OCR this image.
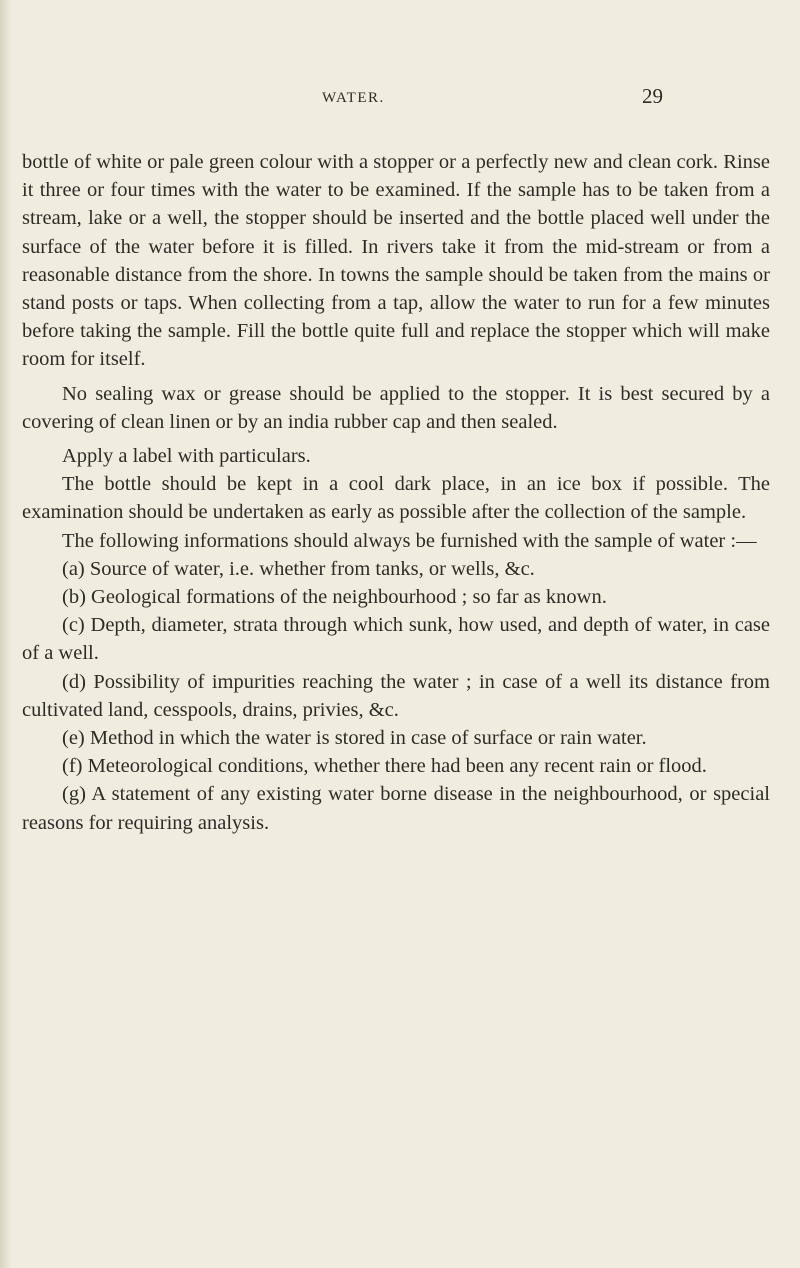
WATER.	29

bottle of white or pale green colour with a stopper or a perfectly new and clean cork. Rinse it three or four times with the water to be examined. If the sample has to be taken from a stream, lake or a well, the stopper should be inserted and the bottle placed well under the surface of the water before it is filled. In rivers take it from the mid-stream or from a reasonable distance from the shore. In towns the sample should be taken from the mains or stand posts or taps. When collecting from a tap, allow the water to run for a few minutes before taking the sample. Fill the bottle quite full and replace the stopper which will make room for itself.

No sealing wax or grease should be applied to the stopper. It is best secured by a covering of clean linen or by an india rubber cap and then sealed.

Apply a label with particulars.

The bottle should be kept in a cool dark place, in an ice box if possible. The examination should be undertaken as early as possible after the collection of the sample.

The following informations should always be furnished with the sample of water :—

(a) Source of water, i.e. whether from tanks, or wells, &c.

(b) Geological formations of the neighbourhood ; so far as known.

(c) Depth, diameter, strata through which sunk, how used, and depth of water, in case of a well.

(d) Possibility of impurities reaching the water ; in case of a well its distance from cultivated land, cesspools, drains, privies, &c.

(e) Method in which the water is stored in case of surface or rain water.

(f) Meteorological conditions, whether there had been any recent rain or flood.

(g) A statement of any existing water borne disease in the neighbourhood, or special reasons for requiring analysis.
